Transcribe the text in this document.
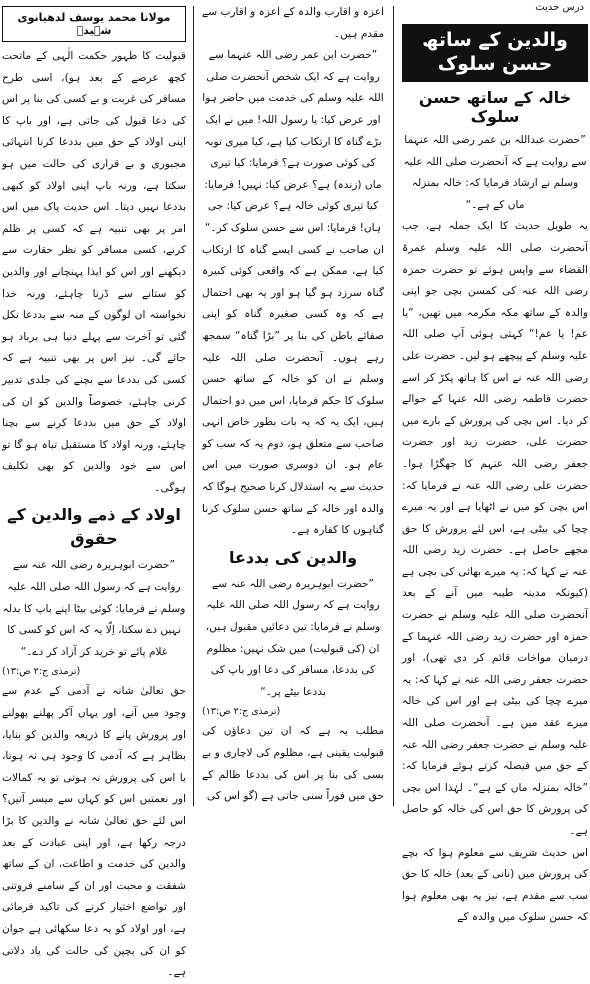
درس حدیث
والدین کے ساتھ حسن سلوک
خالہ کے ساتھ حسن سلوک

”حضرت عبداللہ بن عمر رضی اللہ عنہما سے روایت ہے کہ آنحضرت صلی اللہ علیہ وسلم نے ارشاد فرمایا کہ: خالہ بمنزلہ ماں کے ہے۔“

یہ طویل حدیث کا ایک جملہ ہے، جب آنحضرت صلی اللہ علیہ وسلم عمرۃ القضاء سے واپس ہوئے تو حضرت حمزہ رضی اللہ عنہ کی کمسن بچی جو اپنی والدہ کے ساتھ مکہ مکرمہ میں تھیں، ”یا عم! یا عم!“ کہتی ہوئی آپ صلی اللہ علیہ وسلم کے پیچھے ہو لیں۔ حضرت علی رضی اللہ عنہ نے اس کا ہاتھ پکڑ کر اسے حضرت فاطمہ رضی اللہ عنہا کے حوالے کر دیا۔ اس بچی کی پرورش کے بارے میں حضرت علی، حضرت زید اور حضرت جعفر رضی اللہ عنہم کا جھگڑا ہوا۔ حضرت علی رضی اللہ عنہ نے فرمایا کہ: اس بچی کو میں نے اٹھایا ہے اور یہ میرے چچا کی بیٹی ہے، اس لئے پرورش کا حق مجھے حاصل ہے۔ حضرت زید رضی اللہ عنہ نے کہا کہ: یہ میرے بھائی کی بچی ہے (کیونکہ مدینہ طیبہ میں آنے کے بعد آنحضرت صلی اللہ علیہ وسلم نے حضرت حمزہ اور حضرت زید رضی اللہ عنہما کے درمیان مواخات قائم کر دی تھی)، اور حضرت جعفر رضی اللہ عنہ نے کہا کہ: یہ میرے چچا کی بیٹی ہے اور اس کی خالہ میرے عقد میں ہے۔ آنحضرت صلی اللہ علیہ وسلم نے حضرت جعفر رضی اللہ عنہ کے حق میں فیصلہ کرتے ہوئے فرمایا کہ: ”خالہ بمنزلہ ماں کے ہے“۔ لہٰذا اس بچی کی پرورش کا حق اس کی خالہ کو حاصل ہے۔

اس حدیث شریف سے معلوم ہوا کہ بچے کی پرورش میں (نانی کے بعد) خالہ کا حق سب سے مقدم ہے، نیز یہ بھی معلوم ہوا کہ حسن سلوک میں والدہ کے

اعزہ و اقارب والدہ کے اعزہ و اقارب سے مقدم ہیں۔

”حضرت ابن عمر رضی اللہ عنہما سے روایت ہے کہ ایک شخص آنحضرت صلی اللہ علیہ وسلم کی خدمت میں حاضر ہوا اور عرض کیا: یا رسول اللہ! میں نے ایک بڑے گناہ کا ارتکاب کیا ہے، کیا میری توبہ کی کوئی صورت ہے؟ فرمایا: کیا تیری ماں (زندہ) ہے؟ عرض کیا: نہیں! فرمایا: کیا تیری کوئی خالہ ہے؟ عرض کیا: جی ہاں! فرمایا: اس سے حسن سلوک کر۔“

ان صاحب نے کسی ایسے گناہ کا ارتکاب کیا ہے، ممکن ہے کہ واقعی کوئی کبیرہ گناہ سرزد ہو گیا ہو اور یہ بھی احتمال ہے کہ وہ کسی صغیرہ گناہ کو اپنی صفائے باطن کی بنا پر ”بڑا گناہ“ سمجھ رہے ہوں۔ آنحضرت صلی اللہ علیہ وسلم نے ان کو خالہ کے ساتھ حسن سلوک کا حکم فرمایا، اس میں دو احتمال ہیں، ایک یہ کہ یہ بات بطور خاص انہی صاحب سے متعلق ہو، دوم یہ کہ سب کو عام ہو۔ ان دوسری صورت میں اس حدیث سے یہ استدلال کرنا صحیح ہوگا کہ والدہ اور خالہ کے ساتھ حسن سلوک کرنا گناہوں کا کفارہ ہے۔

والدین کی بددعا

”حضرت ابوہریرہ رضی اللہ عنہ سے روایت ہے کہ رسول اللہ صلی اللہ علیہ وسلم نے فرمایا: تین دعائیں مقبول ہیں، ان (کی قبولیت) میں شک نہیں: مظلوم کی بددعا، مسافر کی دعا اور باپ کی بددعا بیٹے پر۔“

(ترمذی ج:۲ ص:۱۳)

مطلب یہ ہے کہ ان تین دعاؤں کی قبولیت یقینی ہے، مظلوم کی لاچاری و بے بسی کی بنا پر اس کی بددعا ظالم کے حق میں فوراً سنی جاتی ہے (گو اس کی

مولانا محمد یوسف لدھیانوی شہیدؒ

قبولیت کا ظہور حکمت الٰہی کے ماتحت کچھ عرصے کے بعد ہو)، اسی طرح مسافر کی غربت و بے کسی کی بنا پر اس کی دعا قبول کی جاتی ہے، اور باپ کا اپنی اولاد کے حق میں بددعا کرنا انتہائی مجبوری و بے قراری کی حالت میں ہو سکتا ہے، ورنہ باپ اپنی اولاد کو کبھی بددعا نہیں دیتا۔ اس حدیث پاک میں اس امر پر بھی تنبیہ ہے کہ کسی پر ظلم کرنے، کسی مسافر کو نظر حقارت سے دیکھنے اور اس کو ایذا پہنچانے اور والدین کو ستانے سے ڈرنا چاہئے، ورنہ خدا نخواستہ ان لوگوں کے منہ سے بددعا نکل گئی تو آخرت سے پہلے دنیا ہی برباد ہو جائے گی۔ نیز اس پر بھی تنبیہ ہے کہ کسی کی بددعا سے بچنے کی جلدی تدبیر کرنی چاہئے، خصوصاً والدین کو ان کی اولاد کے حق میں بددعا کرنے سے بچنا چاہئے، ورنہ اولاد کا مستقبل تباہ ہو گا تو اس سے خود والدین کو بھی تکلیف ہوگی۔

اولاد کے ذمے والدین کے حقوق

”حضرت ابوہریرہ رضی اللہ عنہ سے روایت ہے کہ رسول اللہ صلی اللہ علیہ وسلم نے فرمایا: کوئی بیٹا اپنے باپ کا بدلہ نہیں دے سکتا، اِلّا یہ کہ اس کو کسی کا غلام پائے تو خرید کر آزاد کر دے۔“

(ترمذی ج:۲ ص:۱۳)

حق تعالیٰ شانہ نے آدمی کے عدم سے وجود میں آنے، اور یہاں آکر پھلنے پھولنے اور پرورش پانے کا ذریعہ والدین کو بنایا، بظاہر ہے کہ آدمی کا وجود ہی نہ ہوتا، یا اس کی پرورش نہ ہوتی تو یہ کمالات اور نعمتیں اس کو کہاں سے میسر آتیں؟ اس لئے حق تعالیٰ شانہ نے والدین کا بڑا درجہ رکھا ہے، اور اپنی عبادت کے بعد والدین کی خدمت و اطاعت، ان کے ساتھ شفقت و محبت اور ان کے سامنے فروتنی اور تواضع اختیار کرنے کی تاکید فرمائی ہے، اور اولاد کو یہ دعا سکھائی ہے جوان کو ان کی بچپن کی حالت کی یاد دلاتی ہے۔
